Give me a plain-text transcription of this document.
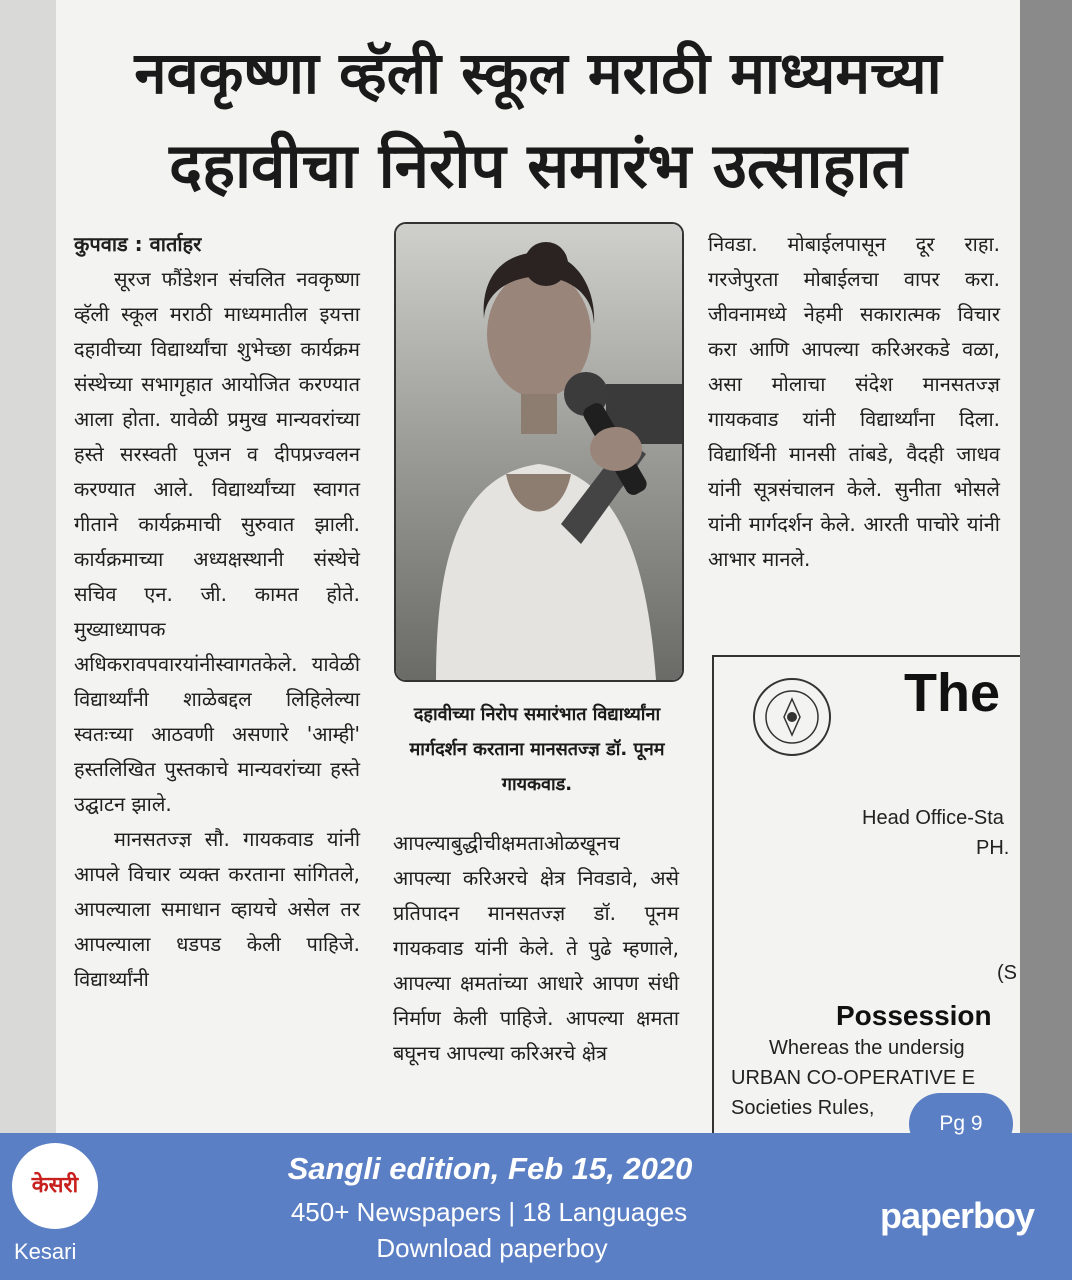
नवकृष्णा व्हॅली स्कूल मराठी माध्यमच्या
दहावीचा निरोप समारंभ उत्साहात

कुपवाड : वार्ताहर

सूरज फौंडेशन संचलित नवकृष्णा व्हॅली स्कूल मराठी माध्यमातील इयत्ता दहावीच्या विद्यार्थ्यांचा शुभेच्छा कार्यक्रम संस्थेच्या सभागृहात आयोजित करण्यात आला होता. यावेळी प्रमुख मान्यवरांच्या हस्ते सरस्वती पूजन व दीपप्रज्वलन करण्यात आले. विद्यार्थ्यांच्या स्वागत गीताने कार्यक्रमाची सुरुवात झाली. कार्यक्रमाच्या अध्यक्षस्थानी संस्थेचे सचिव एन. जी. कामत होते. मुख्याध्यापक अधिकरावपवारयांनीस्वागतकेले. यावेळी विद्यार्थ्यांनी शाळेबद्दल लिहिलेल्या स्वतःच्या आठवणी असणारे 'आम्ही' हस्तलिखित पुस्तकाचे मान्यवरांच्या हस्ते उद्घाटन झाले.

मानसतज्ज्ञ सौ. गायकवाड यांनी आपले विचार व्यक्त करताना सांगितले, आपल्याला समाधान व्हायचे असेल तर आपल्याला धडपड केली पाहिजे. विद्यार्थ्यांनी

दहावीच्या निरोप समारंभात विद्यार्थ्यांना मार्गदर्शन करताना मानसतज्ज्ञ डॉ. पूनम गायकवाड.

आपल्याबुद्धीचीक्षमताओळखूनच आपल्या करिअरचे क्षेत्र निवडावे, असे प्रतिपादन मानसतज्ज्ञ डॉ. पूनम गायकवाड यांनी केले. ते पुढे म्हणाले, आपल्या क्षमतांच्या आधारे आपण संधी निर्माण केली पाहिजे. आपल्या क्षमता बघूनच आपल्या करिअरचे क्षेत्र

निवडा. मोबाईलपासून दूर राहा. गरजेपुरता मोबाईलचा वापर करा. जीवनामध्ये नेहमी सकारात्मक विचार करा आणि आपल्या करिअरकडे वळा, असा मोलाचा संदेश मानसतज्ज्ञ गायकवाड यांनी विद्यार्थ्यांना दिला. विद्यार्थिनी मानसी तांबडे, वैदही जाधव यांनी सूत्रसंचालन केले. सुनीता भोसले यांनी मार्गदर्शन केले. आरती पाचोरे यांनी आभार मानले.

The
Head Office-Sta
PH.
(S
Possession
Whereas the undersig
URBAN CO-OPERATIVE E
Societies Rules,
केसरी
Kesari
Sangli edition, Feb 15, 2020
450+ Newspapers | 18 Languages
Download paperboy
paperboy
Pg 9
